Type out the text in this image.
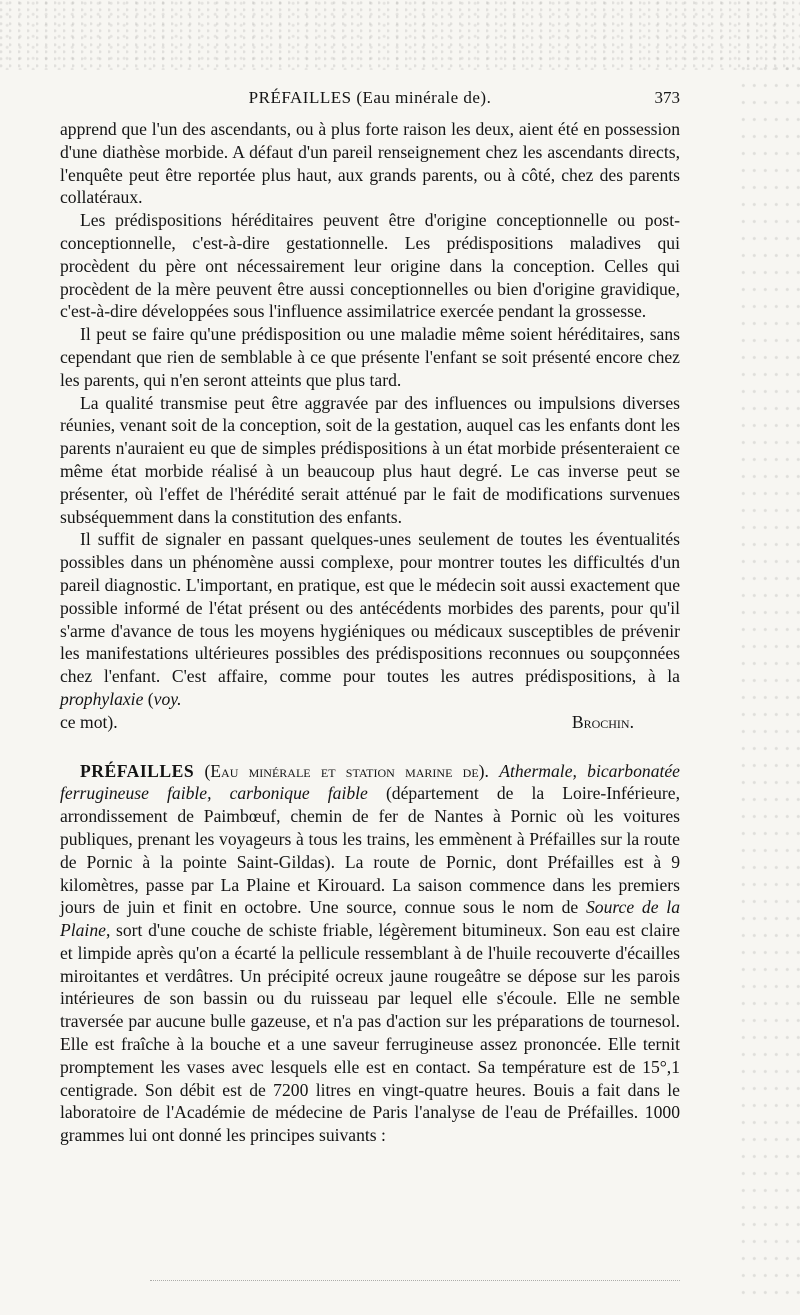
PRÉFAILLES (Eau minérale de).	373

apprend que l'un des ascendants, ou à plus forte raison les deux, aient été en possession d'une diathèse morbide. A défaut d'un pareil renseignement chez les ascendants directs, l'enquête peut être reportée plus haut, aux grands parents, ou à côté, chez des parents collatéraux.

Les prédispositions héréditaires peuvent être d'origine conceptionnelle ou post-conceptionnelle, c'est-à-dire gestationnelle. Les prédispositions maladives qui procèdent du père ont nécessairement leur origine dans la conception. Celles qui procèdent de la mère peuvent être aussi conceptionnelles ou bien d'origine gravidique, c'est-à-dire développées sous l'influence assimilatrice exercée pendant la grossesse.

Il peut se faire qu'une prédisposition ou une maladie même soient héréditaires, sans cependant que rien de semblable à ce que présente l'enfant se soit présenté encore chez les parents, qui n'en seront atteints que plus tard.

La qualité transmise peut être aggravée par des influences ou impulsions diverses réunies, venant soit de la conception, soit de la gestation, auquel cas les enfants dont les parents n'auraient eu que de simples prédispositions à un état morbide présenteraient ce même état morbide réalisé à un beaucoup plus haut degré. Le cas inverse peut se présenter, où l'effet de l'hérédité serait atténué par le fait de modifications survenues subséquemment dans la constitution des enfants.

Il suffit de signaler en passant quelques-unes seulement de toutes les éventualités possibles dans un phénomène aussi complexe, pour montrer toutes les difficultés d'un pareil diagnostic. L'important, en pratique, est que le médecin soit aussi exactement que possible informé de l'état présent ou des antécédents morbides des parents, pour qu'il s'arme d'avance de tous les moyens hygiéniques ou médicaux susceptibles de prévenir les manifestations ultérieures possibles des prédispositions reconnues ou soupçonnées chez l'enfant. C'est affaire, comme pour toutes les autres prédispositions, à la prophylaxie (voy.

ce mot).	Brochin.

PRÉFAILLES (Eau minérale et station marine de). Athermale, bicarbonatée ferrugineuse faible, carbonique faible (département de la Loire-Inférieure, arrondissement de Paimbœuf, chemin de fer de Nantes à Pornic où les voitures publiques, prenant les voyageurs à tous les trains, les emmènent à Préfailles sur la route de Pornic à la pointe Saint-Gildas). La route de Pornic, dont Préfailles est à 9 kilomètres, passe par La Plaine et Kirouard. La saison commence dans les premiers jours de juin et finit en octobre. Une source, connue sous le nom de Source de la Plaine, sort d'une couche de schiste friable, légèrement bitumineux. Son eau est claire et limpide après qu'on a écarté la pellicule ressemblant à de l'huile recouverte d'écailles miroitantes et verdâtres. Un précipité ocreux jaune rougeâtre se dépose sur les parois intérieures de son bassin ou du ruisseau par lequel elle s'écoule. Elle ne semble traversée par aucune bulle gazeuse, et n'a pas d'action sur les préparations de tournesol. Elle est fraîche à la bouche et a une saveur ferrugineuse assez prononcée. Elle ternit promptement les vases avec lesquels elle est en contact. Sa température est de 15°,1 centigrade. Son débit est de 7200 litres en vingt-quatre heures. Bouis a fait dans le laboratoire de l'Académie de médecine de Paris l'analyse de l'eau de Préfailles. 1000 grammes lui ont donné les principes suivants :
